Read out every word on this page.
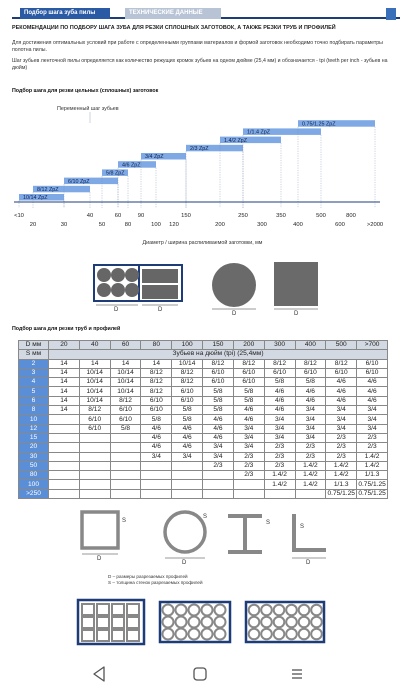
Подбор шага зуба пилы	ТЕХНИЧЕСКИЕ ДАННЫЕ
РЕКОМЕНДАЦИИ ПО ПОДБОРУ ШАГА ЗУБА ДЛЯ РЕЗКИ СПЛОШНЫХ ЗАГОТОВОК, А ТАКЖЕ РЕЗКИ ТРУБ И ПРОФИЛЕЙ
Для достижения оптимальных условий при работе с определенными группами материалов и формой заготовок необходимо точно подбирать параметры полотна пилы.
Шаг зубьев ленточной пилы определяется как количество режущих кромок зубьев на одном дюйме (25,4 мм) и обозначается - tpi (teeth per inch - зубьев на дюйм)
Подбор шага для резки цельных (сплошных) заготовок
Переменный шаг зубьев
10/14 ZpZ
8/12 ZpZ
6/10 ZpZ
5/8 ZpZ
4/6 ZpZ
3/4 ZpZ
2/3 ZpZ
1.4/2 ZpZ
1/1.4 ZpZ
0.75/1.25 ZpZ
<10	40	60	90	150	250	350	500	800
20	30	50	80	100 120	200	300	400	600	>2000
Диаметр / ширина распиливаемой заготовки, мм
D	D
D	D
Подбор шага для резки труб и профилей
D мм	20	40	60	80	100	150	200	300	400	500	>700
S мм	Зубьев на дюйм (tpi) (25,4мм)										
2	14	14	14	14	10/14	8/12	8/12	8/12	8/12	8/12	6/10
3	14	10/14	10/14	8/12	8/12	6/10	6/10	6/10	6/10	6/10	6/10
4	14	10/14	10/14	8/12	8/12	6/10	6/10	5/8	5/8	4/6	4/6
5	14	10/14	10/14	8/12	6/10	5/8	5/8	4/6	4/6	4/6	4/6
6	14	10/14	8/12	6/10	6/10	5/8	5/8	4/6	4/6	4/6	4/6
8	14	8/12	6/10	6/10	5/8	5/8	4/6	4/6	3/4	3/4	3/4
10		6/10	6/10	5/8	5/8	4/6	4/6	3/4	3/4	3/4	3/4
12		6/10	5/8	4/6	4/6	4/6	3/4	3/4	3/4	3/4	3/4
15				4/6	4/6	4/6	3/4	3/4	3/4	2/3	2/3
20				4/6	4/6	3/4	3/4	2/3	2/3	2/3	2/3
30				3/4	3/4	3/4	2/3	2/3	2/3	2/3	1.4/2
50						2/3	2/3	2/3	1.4/2	1.4/2	1.4/2
80							2/3	1.4/2	1.4/2	1.4/2	1/1.3
100								1.4/2	1.4/2	1/1.3	0.75/1.25
>250										0.75/1.25	0.75/1.25
D
S
D
S
S
D
S
D – размеры разрезаемых профилей
S – толщина стенок разрезаемых профилей
